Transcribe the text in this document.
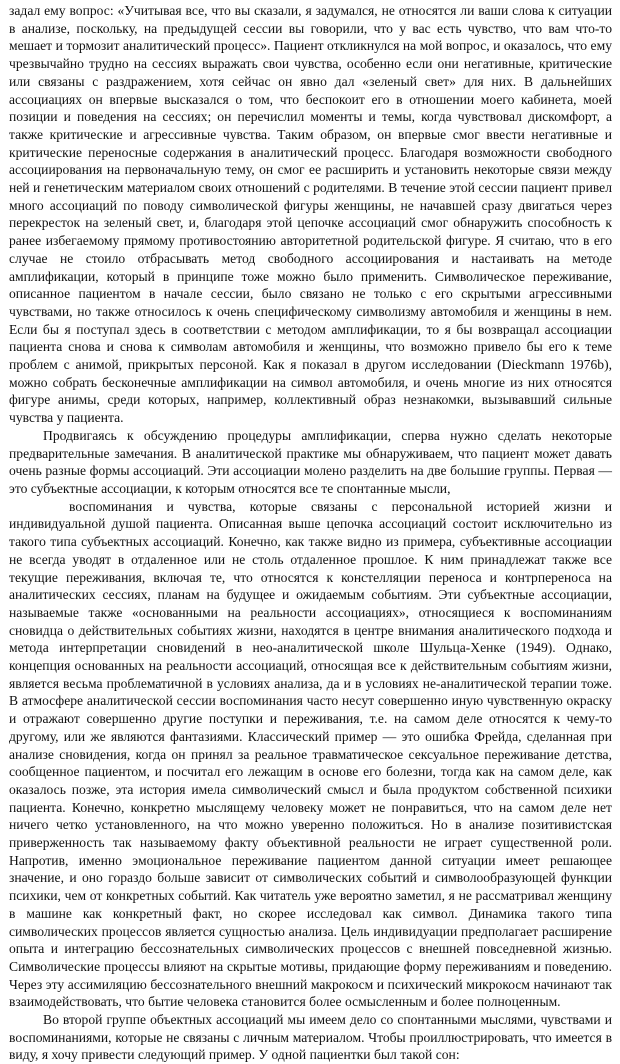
задал ему вопрос: «Учитывая все, что вы сказали, я задумался, не относятся ли ваши слова к ситуации в анализе, поскольку, на предыдущей сессии вы говорили, что у вас есть чувство, что вам что-то мешает и тормозит аналитический процесс». Пациент откликнулся на мой вопрос, и оказалось, что ему чрезвычайно трудно на сессиях выражать свои чувства, особенно если они негативные, критические или связаны с раздражением, хотя сейчас он явно дал «зеленый свет» для них. В дальнейших ассоциациях он впервые высказался о том, что беспокоит его в отношении моего кабинета, моей позиции и поведения на сессиях; он перечислил моменты и темы, когда чувствовал дискомфорт, а также критические и агрессивные чувства. Таким образом, он впервые смог ввести негативные и критические переносные содержания в аналитический процесс. Благодаря возможности свободного ассоциирования на первоначальную тему, он смог ее расширить и установить некоторые связи между ней и генетическим материалом своих отношений с родителями. В течение этой сессии пациент привел много ассоциаций по поводу символической фигуры женщины, не начавшей сразу двигаться через перекресток на зеленый свет, и, благодаря этой цепочке ассоциаций смог обнаружить способность к ранее избегаемому прямому противостоянию авторитетной родительской фигуре. Я считаю, что в его случае не стоило отбрасывать метод свободного ассоциирования и настаивать на методе амплификации, который в принципе тоже можно было применить. Символическое переживание, описанное пациентом в начале сессии, было связано не только с его скрытыми агрессивными чувствами, но также относилось к очень специфическому символизму автомобиля и женщины в нем. Если бы я поступал здесь в соответствии с методом амплификации, то я бы возвращал ассоциации пациента снова и снова к символам автомобиля и женщины, что возможно привело бы его к теме проблем с анимой, прикрытых персоной. Как я показал в другом исследовании (Dieckmann 1976b), можно собрать бесконечные амплификации на символ автомобиля, и очень многие из них относятся фигуре анимы, среди которых, например, коллективный образ незнакомки, вызывавший сильные чувства у пациента.

Продвигаясь к обсуждению процедуры амплификации, сперва нужно сделать некоторые предварительные замечания. В аналитической практике мы обнаруживаем, что пациент может давать очень разные формы ассоциаций. Эти ассоциации молено разделить на две большие группы. Первая — это субъектные ассоциации, к которым относятся все те спонтанные мысли,

воспоминания и чувства, которые связаны с персональной историей жизни и индивидуальной душой пациента. Описанная выше цепочка ассоциаций состоит исключительно из такого типа субъектных ассоциаций. Конечно, как также видно из примера, субъективные ассоциации не всегда уводят в отдаленное или не столь отдаленное прошлое. К ним принадлежат также все текущие переживания, включая те, что относятся к констелляции переноса и контрпереноса на аналитических сессиях, планам на будущее и ожидаемым событиям. Эти субъектные ассоциации, называемые также «основанными на реальности ассоциациях», относящиеся к воспоминаниям сновидца о действительных событиях жизни, находятся в центре внимания аналитического подхода и метода интерпретации сновидений в нео-аналитической школе Шульца-Хенке (1949). Однако, концепция основанных на реальности ассоциаций, относящая все к действительным событиям жизни, является весьма проблематичной в условиях анализа, да и в условиях не-аналитической терапии тоже. В атмосфере аналитической сессии воспоминания часто несут совершенно иную чувственную окраску и отражают совершенно другие поступки и переживания, т.е. на самом деле относятся к чему-то другому, или же являются фантазиями. Классический пример — это ошибка Фрейда, сделанная при анализе сновидения, когда он принял за реальное травматическое сексуальное переживание детства, сообщенное пациентом, и посчитал его лежащим в основе его болезни, тогда как на самом деле, как оказалось позже, эта история имела символический смысл и была продуктом собственной психики пациента. Конечно, конкретно мыслящему человеку может не понравиться, что на самом деле нет ничего четко установленного, на что можно уверенно положиться. Но в анализе позитивистская приверженность так называемому факту объективной реальности не играет существенной роли. Напротив, именно эмоциональное переживание пациентом данной ситуации имеет решающее значение, и оно гораздо больше зависит от символических событий и символообразующей функции психики, чем от конкретных событий. Как читатель уже вероятно заметил, я не рассматривал женщину в машине как конкретный факт, но скорее исследовал как символ. Динамика такого типа символических процессов является сущностью анализа. Цель индивидуации предполагает расширение опыта и интеграцию бессознательных символических процессов с внешней повседневной жизнью. Символические процессы влияют на скрытые мотивы, придающие форму переживаниям и поведению. Через эту ассимиляцию бессознательного внешний макрокосм и психический микрокосм начинают так взаимодействовать, что бытие человека становится более осмысленным и более полноценным.

Во второй группе объектных ассоциаций мы имеем дело со спонтанными мыслями, чувствами и воспоминаниями, которые не связаны с личным материалом. Чтобы проиллюстрировать, что имеется в виду, я хочу привести следующий пример. У одной пациентки был такой сон:
